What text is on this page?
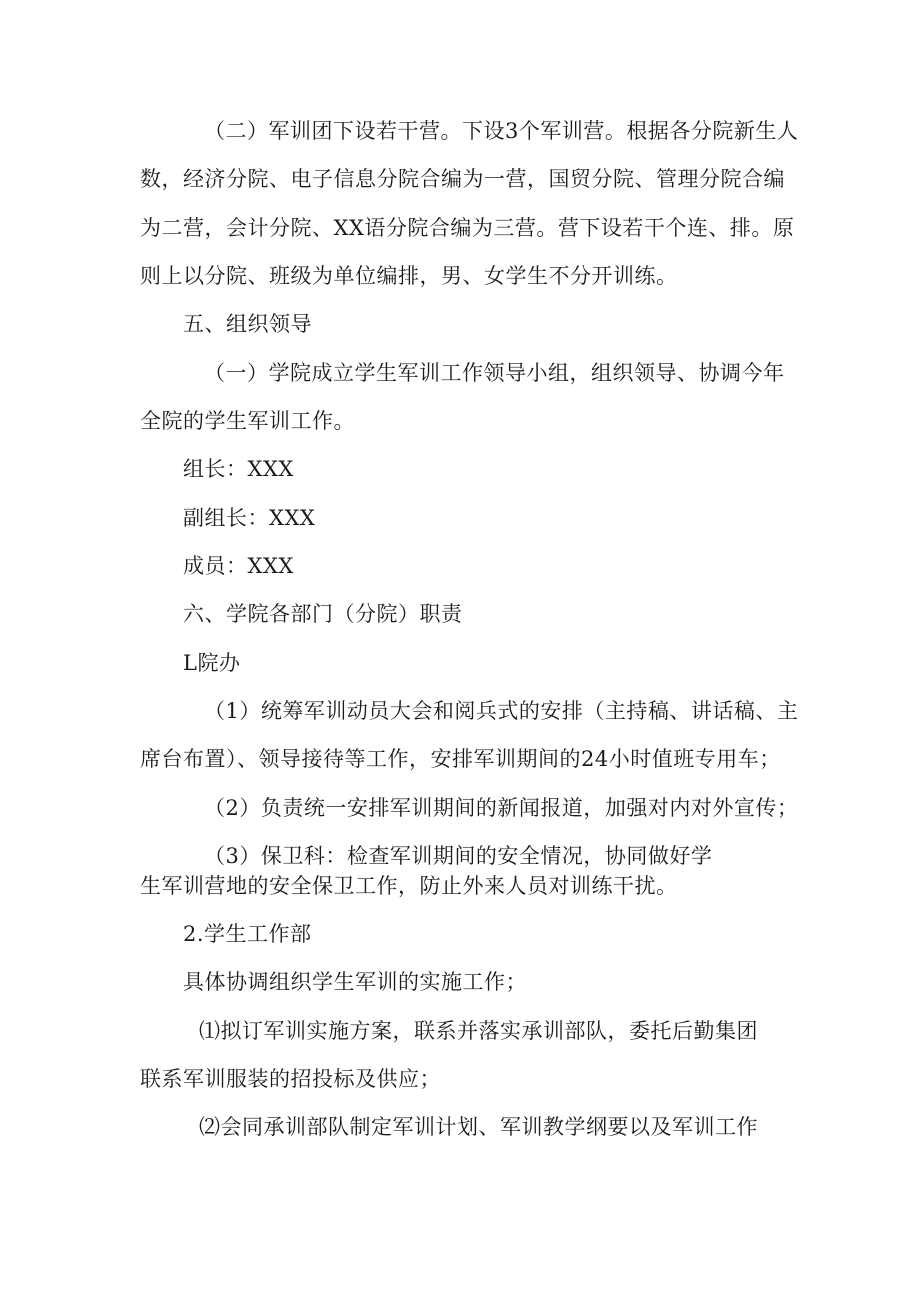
（二）军训团下设若干营。下设3个军训营。根据各分院新生人
数，经济分院、电子信息分院合编为一营，国贸分院、管理分院合编
为二营，会计分院、XX语分院合编为三营。营下设若干个连、排。原
则上以分院、班级为单位编排，男、女学生不分开训练。
五、组织领导
（一）学院成立学生军训工作领导小组，组织领导、协调今年
全院的学生军训工作。
组长：XXX
副组长：XXX
成员：XXX
六、学院各部门（分院）职责
L院办
（1）统筹军训动员大会和阅兵式的安排（主持稿、讲话稿、主
席台布置）、领导接待等工作，安排军训期间的24小时值班专用车；
（2）负责统一安排军训期间的新闻报道，加强对内对外宣传；
（3）保卫科：检查军训期间的安全情况，协同做好学
生军训营地的安全保卫工作，防止外来人员对训练干扰。
2.学生工作部
具体协调组织学生军训的实施工作；
⑴拟订军训实施方案，联系并落实承训部队，委托后勤集团
联系军训服装的招投标及供应；
⑵会同承训部队制定军训计划、军训教学纲要以及军训工作
